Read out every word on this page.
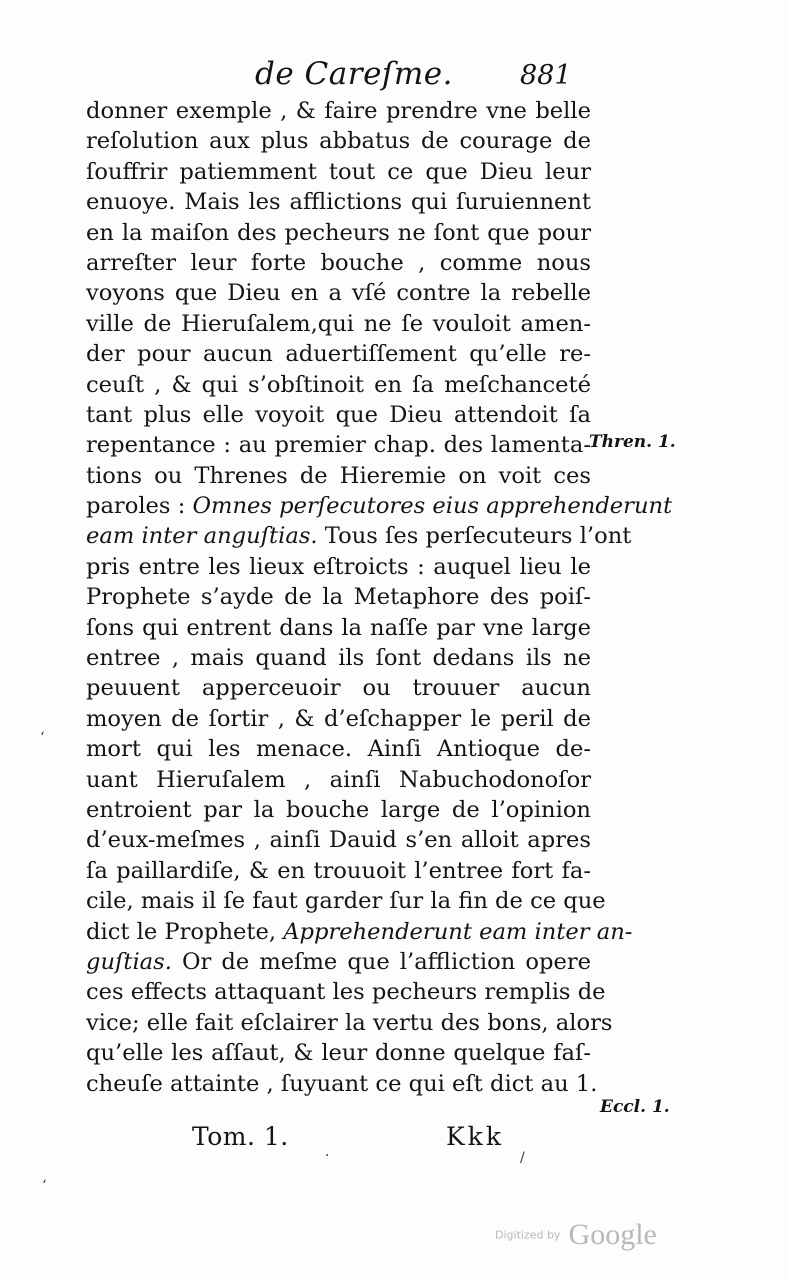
de Careſme. 881
donner exemple , & faire prendre vne belle
reſolution aux plus abbatus de courage de
ſouffrir patiemment tout ce que Dieu leur
enuoye. Mais les afflictions qui ſuruiennent
en la maiſon des pecheurs ne ſont que pour
arreſter leur forte bouche , comme nous
voyons que Dieu en a vſé contre la rebelle
ville de Hieruſalem,qui ne ſe vouloit amen-
der pour aucun aduertiſſement qu’elle re-
ceuſt , & qui s’obſtinoit en ſa meſchanceté
tant plus elle voyoit que Dieu attendoit ſa
repentance : au premier chap. des lamenta-
tions ou Threnes de Hieremie on voit ces
paroles : Omnes perſecutores eius apprehenderunt
eam inter anguſtias. Tous ſes perſecuteurs l’ont
pris entre les lieux eſtroicts : auquel lieu le
Prophete s’ayde de la Metaphore des poiſ-
ſons qui entrent dans la naſſe par vne large
entree , mais quand ils ſont dedans ils ne
peuuent apperceuoir ou trouuer aucun
moyen de ſortir , & d’eſchapper le peril de
mort qui les menace. Ainſi Antioque de-
uant Hieruſalem , ainſi Nabuchodonoſor
entroient par la bouche large de l’opinion
d’eux-meſmes , ainſi Dauid s’en alloit apres
ſa paillardiſe, & en trouuoit l’entree fort fa-
cile, mais il ſe faut garder ſur la fin de ce que
dict le Prophete, Apprehenderunt eam inter an-
guſtias. Or de meſme que l’affliction opere
ces effects attaquant les pecheurs remplis de
vice; elle fait eſclairer la vertu des bons, alors
qu’elle les aſſaut, & leur donne quelque faſ-
cheuſe attainte , ſuyuant ce qui eſt dict au 1.
Thren. 1.
Eccl. 1.
Tom. 1.	Kkk
‘
‘
·	/
Digitized by Google
